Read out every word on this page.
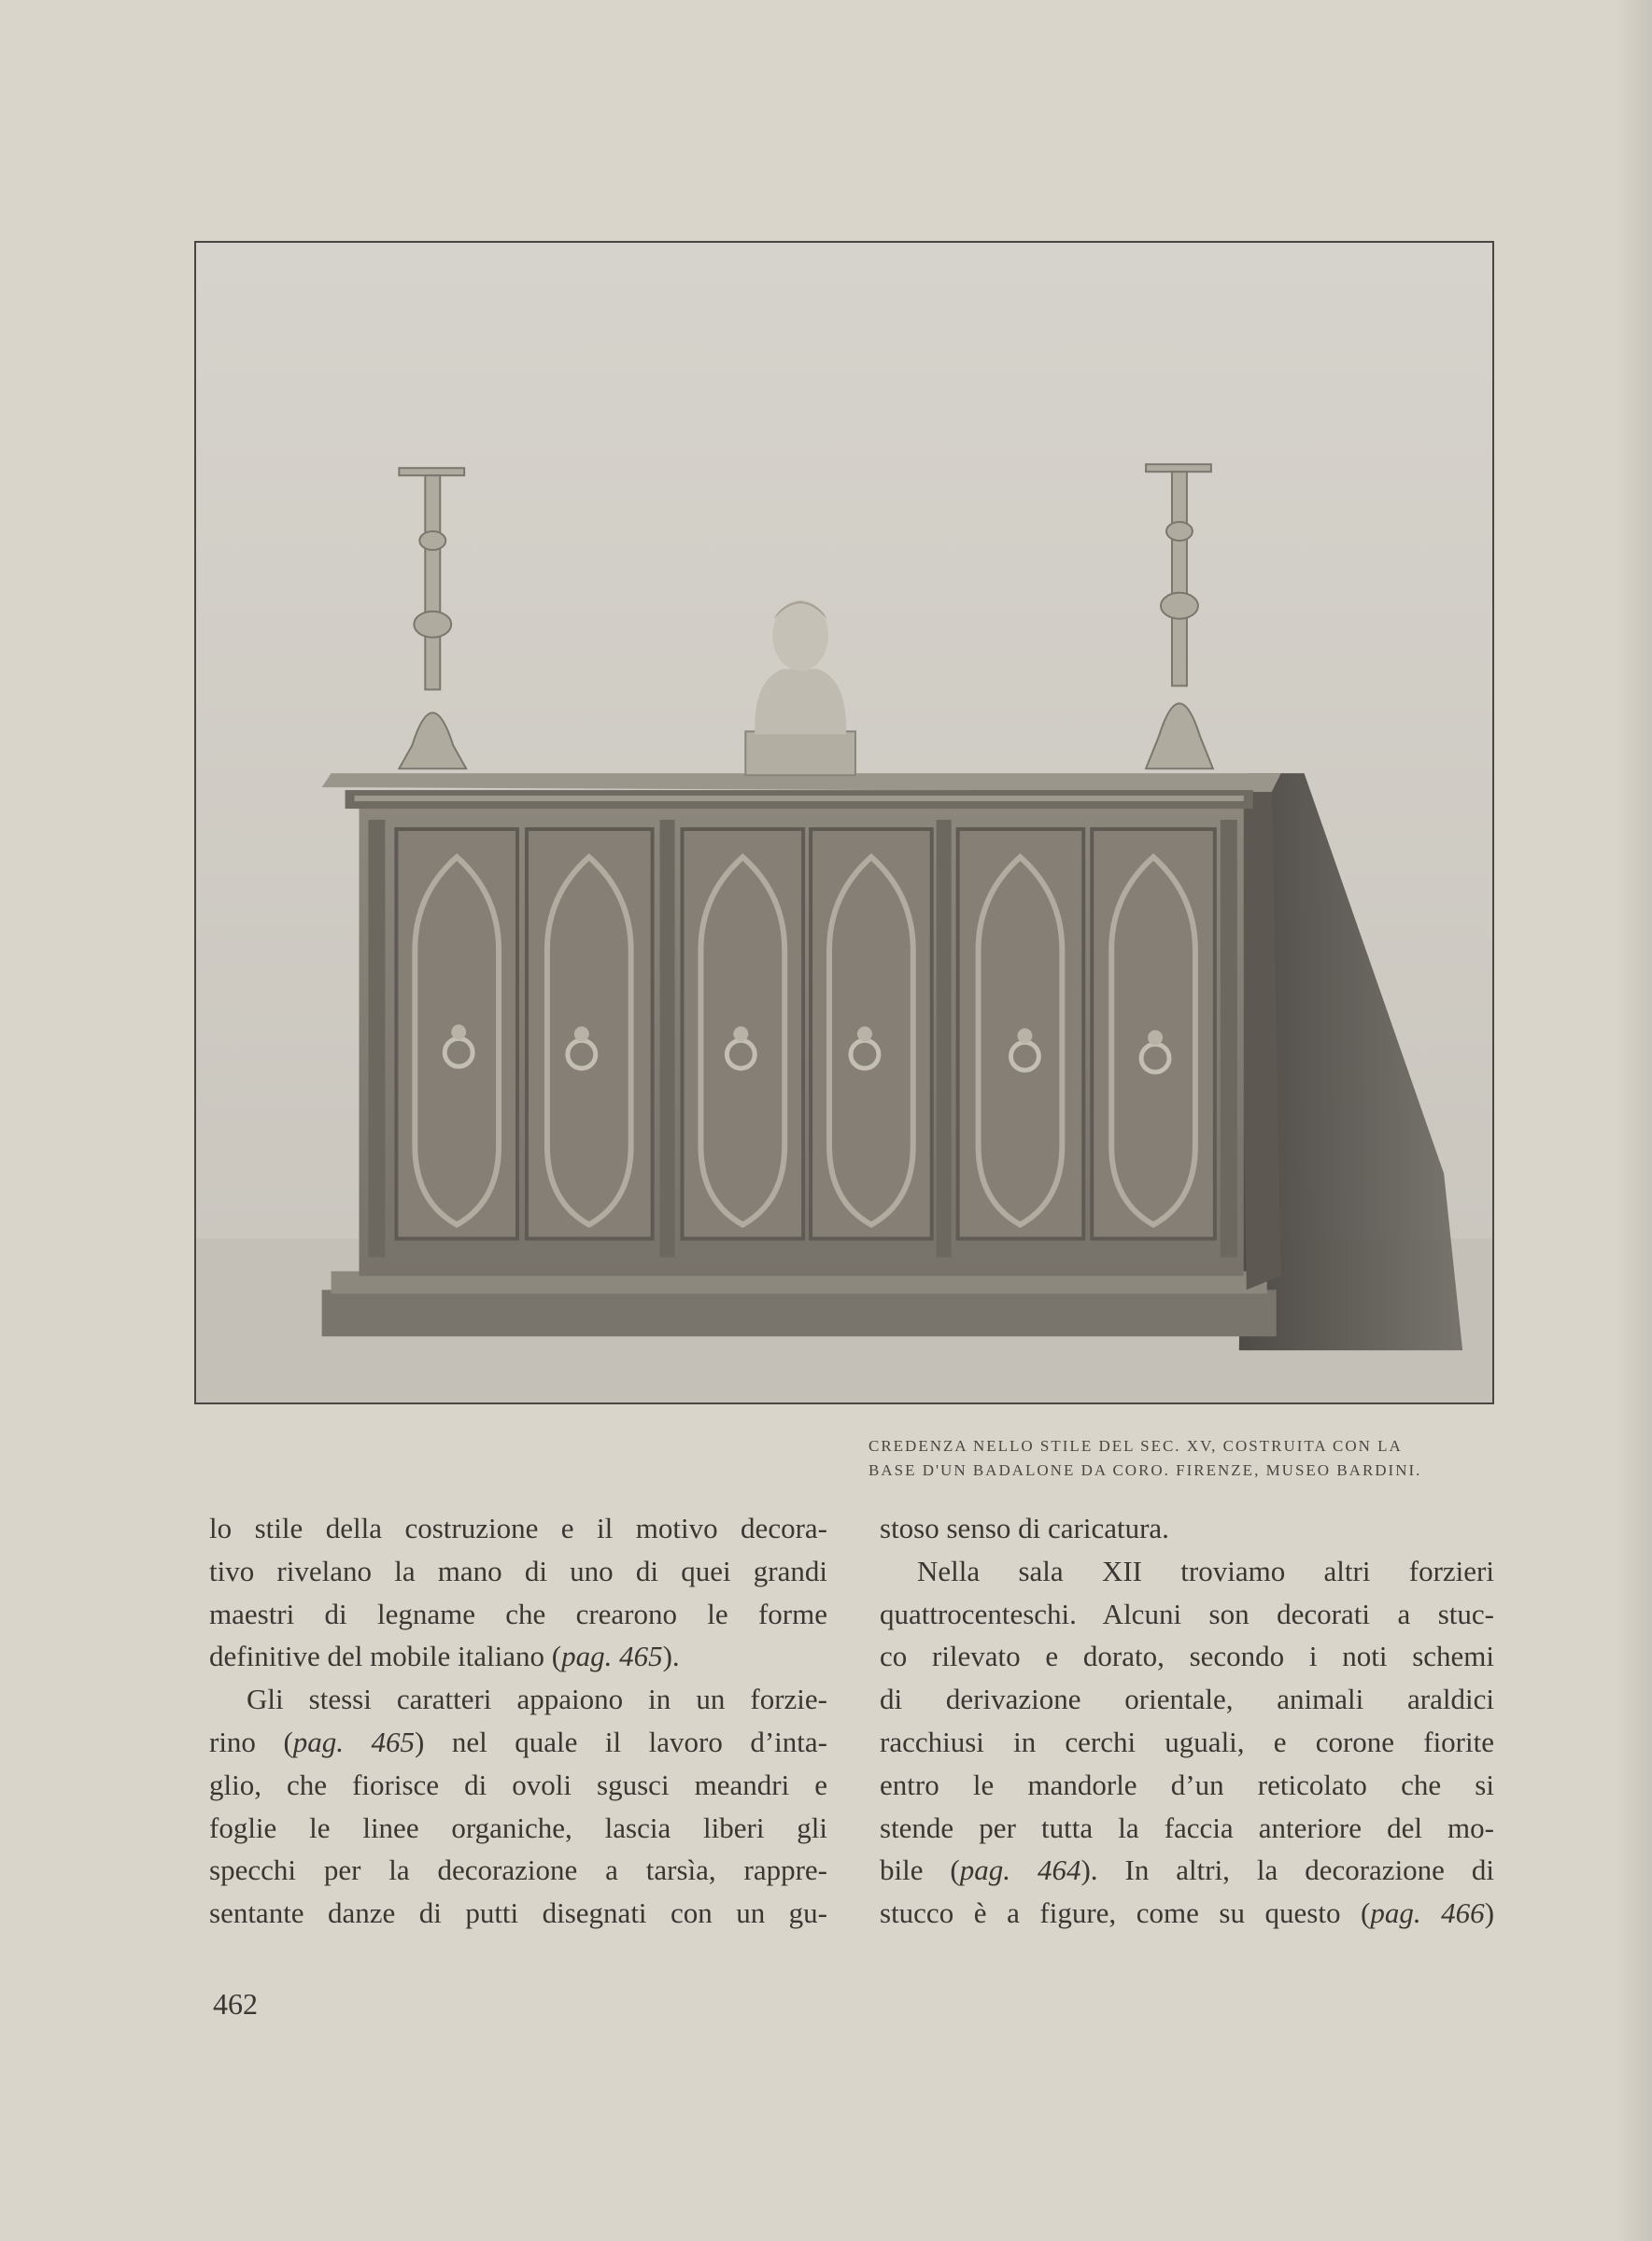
CREDENZA NELLO STILE DEL SEC. XV, COSTRUITA CON LA
BASE D'UN BADALONE DA CORO. FIRENZE, MUSEO BARDINI.
lo stile della costruzione e il motivo decora-
tivo rivelano la mano di uno di quei grandi
maestri di legname che crearono le forme
definitive del mobile italiano (pag. 465).
Gli stessi caratteri appaiono in un forzie-
rino (pag. 465) nel quale il lavoro d’inta-
glio, che fiorisce di ovoli sgusci meandri e
foglie le linee organiche, lascia liberi gli
specchi per la decorazione a tarsìa, rappre-
sentante danze di putti disegnati con un gu-
stoso senso di caricatura.
Nella sala XII troviamo altri forzieri
quattrocenteschi. Alcuni son decorati a stuc-
co rilevato e dorato, secondo i noti schemi
di derivazione orientale, animali araldici
racchiusi in cerchi uguali, e corone fiorite
entro le mandorle d’un reticolato che si
stende per tutta la faccia anteriore del mo-
bile (pag. 464). In altri, la decorazione di
stucco è a figure, come su questo (pag. 466)
462
